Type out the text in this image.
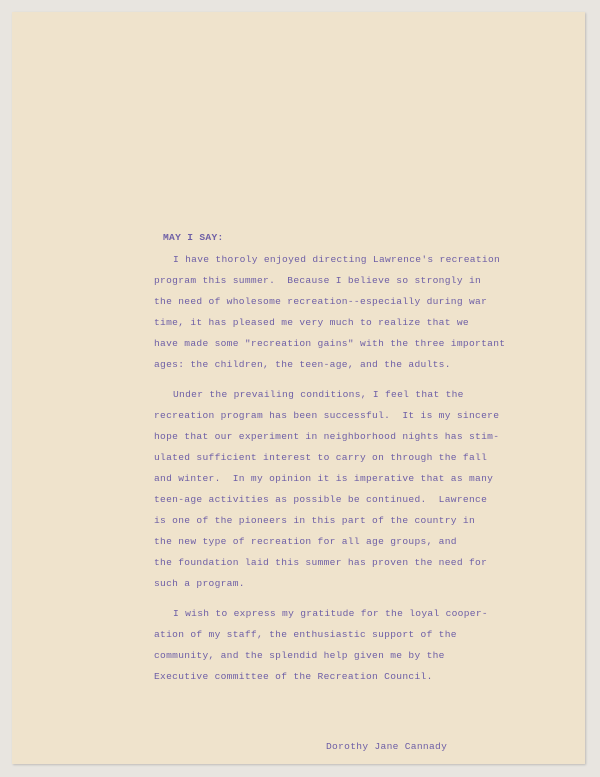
MAY I SAY:
I have thoroly enjoyed directing Lawrence's recreation
program this summer.  Because I believe so strongly in
the need of wholesome recreation--especially during war
time, it has pleased me very much to realize that we
have made some "recreation gains" with the three important
ages: the children, the teen-age, and the adults.
Under the prevailing conditions, I feel that the
recreation program has been successful.  It is my sincere
hope that our experiment in neighborhood nights has stim-
ulated sufficient interest to carry on through the fall
and winter.  In my opinion it is imperative that as many
teen-age activities as possible be continued.  Lawrence
is one of the pioneers in this part of the country in
the new type of recreation for all age groups, and
the foundation laid this summer has proven the need for
such a program.
I wish to express my gratitude for the loyal cooper-
ation of my staff, the enthusiastic support of the
community, and the splendid help given me by the
Executive committee of the Recreation Council.
Dorothy Jane Cannady
